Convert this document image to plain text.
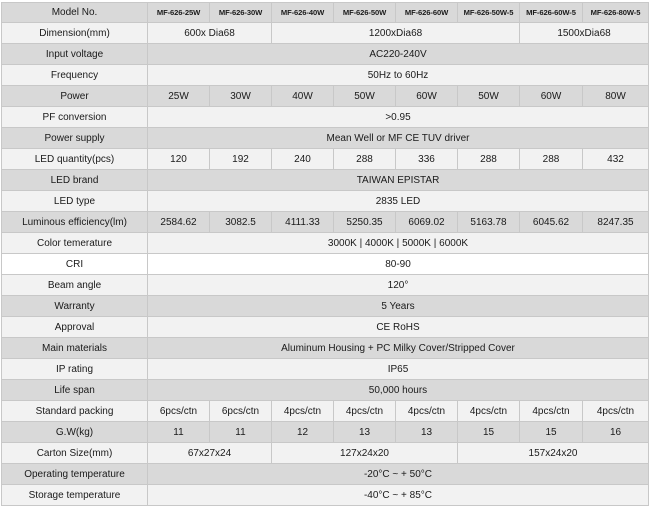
Model No.	MF-626-25W	MF-626-30W	MF-626-40W	MF-626-50W	MF-626-60W	MF-626-50W-5	MF-626-60W-5	MF-626-80W-5
Dimension(mm)	600x Dia68		1200xDia68				1500xDia68	
Input voltage	AC220-240V							
Frequency	50Hz to 60Hz							
Power	25W	30W	40W	50W	60W	50W	60W	80W
PF conversion	>0.95							
Power supply	Mean Well or MF CE TUV driver							
LED quantity(pcs)	120	192	240	288	336	288	288	432
LED brand	TAIWAN EPISTAR							
LED type	2835 LED							
Luminous efficiency(lm)	2584.62	3082.5	4111.33	5250.35	6069.02	5163.78	6045.62	8247.35
Color temerature	3000K | 4000K | 5000K | 6000K							
CRI	80-90							
Beam angle	120°							
Warranty	5 Years							
Approval	CE RoHS							
Main materials	Aluminum Housing + PC Milky Cover/Stripped Cover							
IP rating	IP65							
Life span	50,000 hours							
Standard packing	6pcs/ctn	6pcs/ctn	4pcs/ctn	4pcs/ctn	4pcs/ctn	4pcs/ctn	4pcs/ctn	4pcs/ctn
G.W(kg)	11	11	12	13	13	15	15	16
Carton Size(mm)	67x27x24		127x24x20			157x24x20		
Operating temperature	-20°C ~ + 50°C							
Storage temperature	-40°C ~ + 85°C							
